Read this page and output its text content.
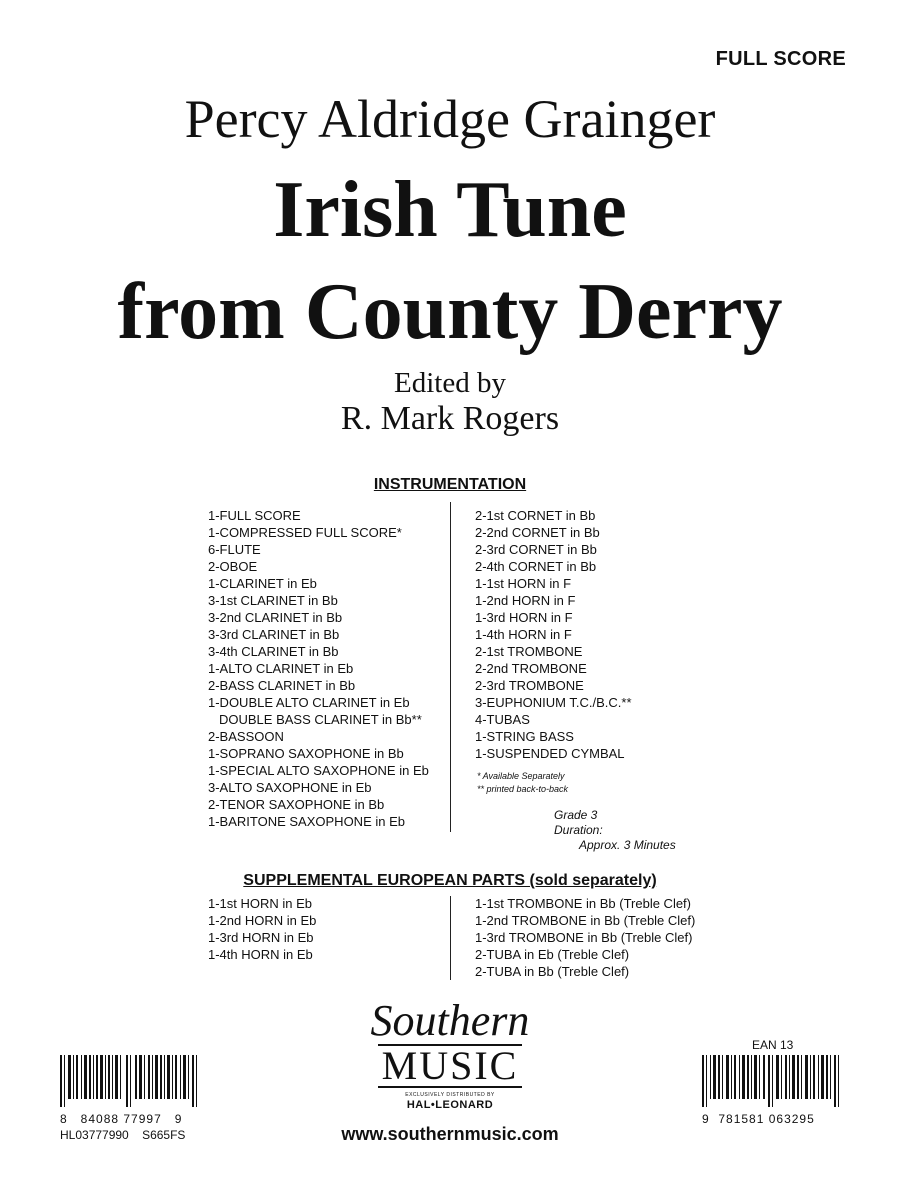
FULL SCORE
Percy Aldridge Grainger
Irish Tune
from County Derry
Edited by
R. Mark Rogers
INSTRUMENTATION
1-FULL SCORE
1-COMPRESSED FULL SCORE*
6-FLUTE
2-OBOE
1-CLARINET in Eb
3-1st CLARINET in Bb
3-2nd CLARINET in Bb
3-3rd CLARINET in Bb
3-4th CLARINET in Bb
1-ALTO CLARINET in Eb
2-BASS CLARINET in Bb
1-DOUBLE ALTO CLARINET in Eb
DOUBLE BASS CLARINET in Bb**
2-BASSOON
1-SOPRANO SAXOPHONE in Bb
1-SPECIAL ALTO SAXOPHONE in Eb
3-ALTO SAXOPHONE in Eb
2-TENOR SAXOPHONE in Bb
1-BARITONE SAXOPHONE in Eb
2-1st CORNET in Bb
2-2nd CORNET in Bb
2-3rd CORNET in Bb
2-4th CORNET in Bb
1-1st HORN in F
1-2nd HORN in F
1-3rd HORN in F
1-4th HORN in F
2-1st TROMBONE
2-2nd TROMBONE
2-3rd TROMBONE
3-EUPHONIUM T.C./B.C.**
4-TUBAS
1-STRING BASS
1-SUSPENDED CYMBAL
* Available Separately
** printed back-to-back
Grade 3
Duration:
Approx. 3 Minutes
SUPPLEMENTAL EUROPEAN PARTS (sold separately)
1-1st HORN in Eb
1-2nd HORN in Eb
1-3rd HORN in Eb
1-4th HORN in Eb
1-1st TROMBONE in Bb (Treble Clef)
1-2nd TROMBONE in Bb (Treble Clef)
1-3rd TROMBONE in Bb (Treble Clef)
2-TUBA in Eb (Treble Clef)
2-TUBA in Bb (Treble Clef)
Southern
MUSIC
EXCLUSIVELY DISTRIBUTED BY
HAL•LEONARD
www.southernmusic.com
8   84088 77997   9
HL03777990    S665FS
EAN 13
9  781581 063295
